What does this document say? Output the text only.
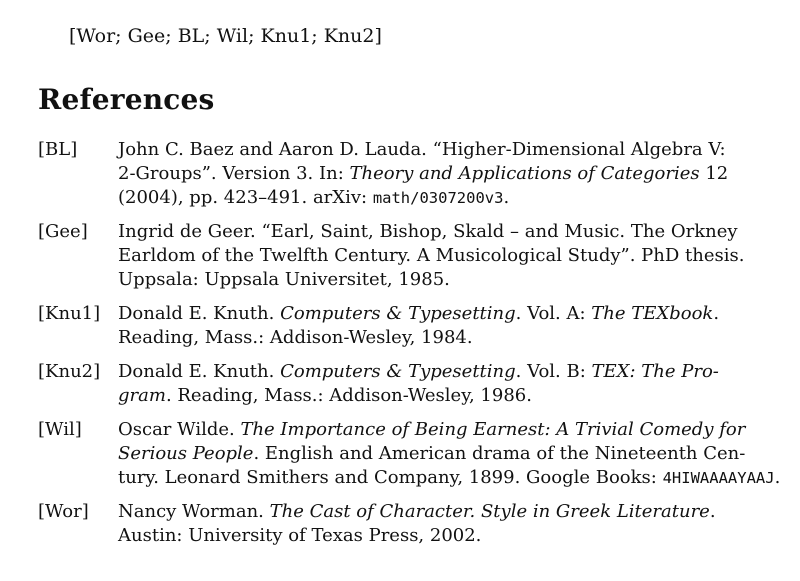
[Wor; Gee; BL; Wil; Knu1; Knu2]
References
[BL]	John C. Baez and Aaron D. Lauda. “Higher-Dimensional Algebra V:
2-Groups”. Version 3. In: Theory and Applications of Categories 12
(2004), pp. 423–491. arXiv: math/0307200v3.
[Gee]	Ingrid de Geer. “Earl, Saint, Bishop, Skald – and Music. The Orkney
Earldom of the Twelfth Century. A Musicological Study”. PhD thesis.
Uppsala: Uppsala Universitet, 1985.
[Knu1] Donald E. Knuth. Computers & Typesetting. Vol. A: The TEXbook.
Reading, Mass.: Addison-Wesley, 1984.
[Knu2] Donald E. Knuth. Computers & Typesetting. Vol. B: TEX: The Pro-
gram. Reading, Mass.: Addison-Wesley, 1986.
[Wil]	Oscar Wilde. The Importance of Being Earnest: A Trivial Comedy for
Serious People. English and American drama of the Nineteenth Cen-
tury. Leonard Smithers and Company, 1899. Google Books: 4HIWAAAAYAAJ.
[Wor]	Nancy Worman. The Cast of Character. Style in Greek Literature.
Austin: University of Texas Press, 2002.
